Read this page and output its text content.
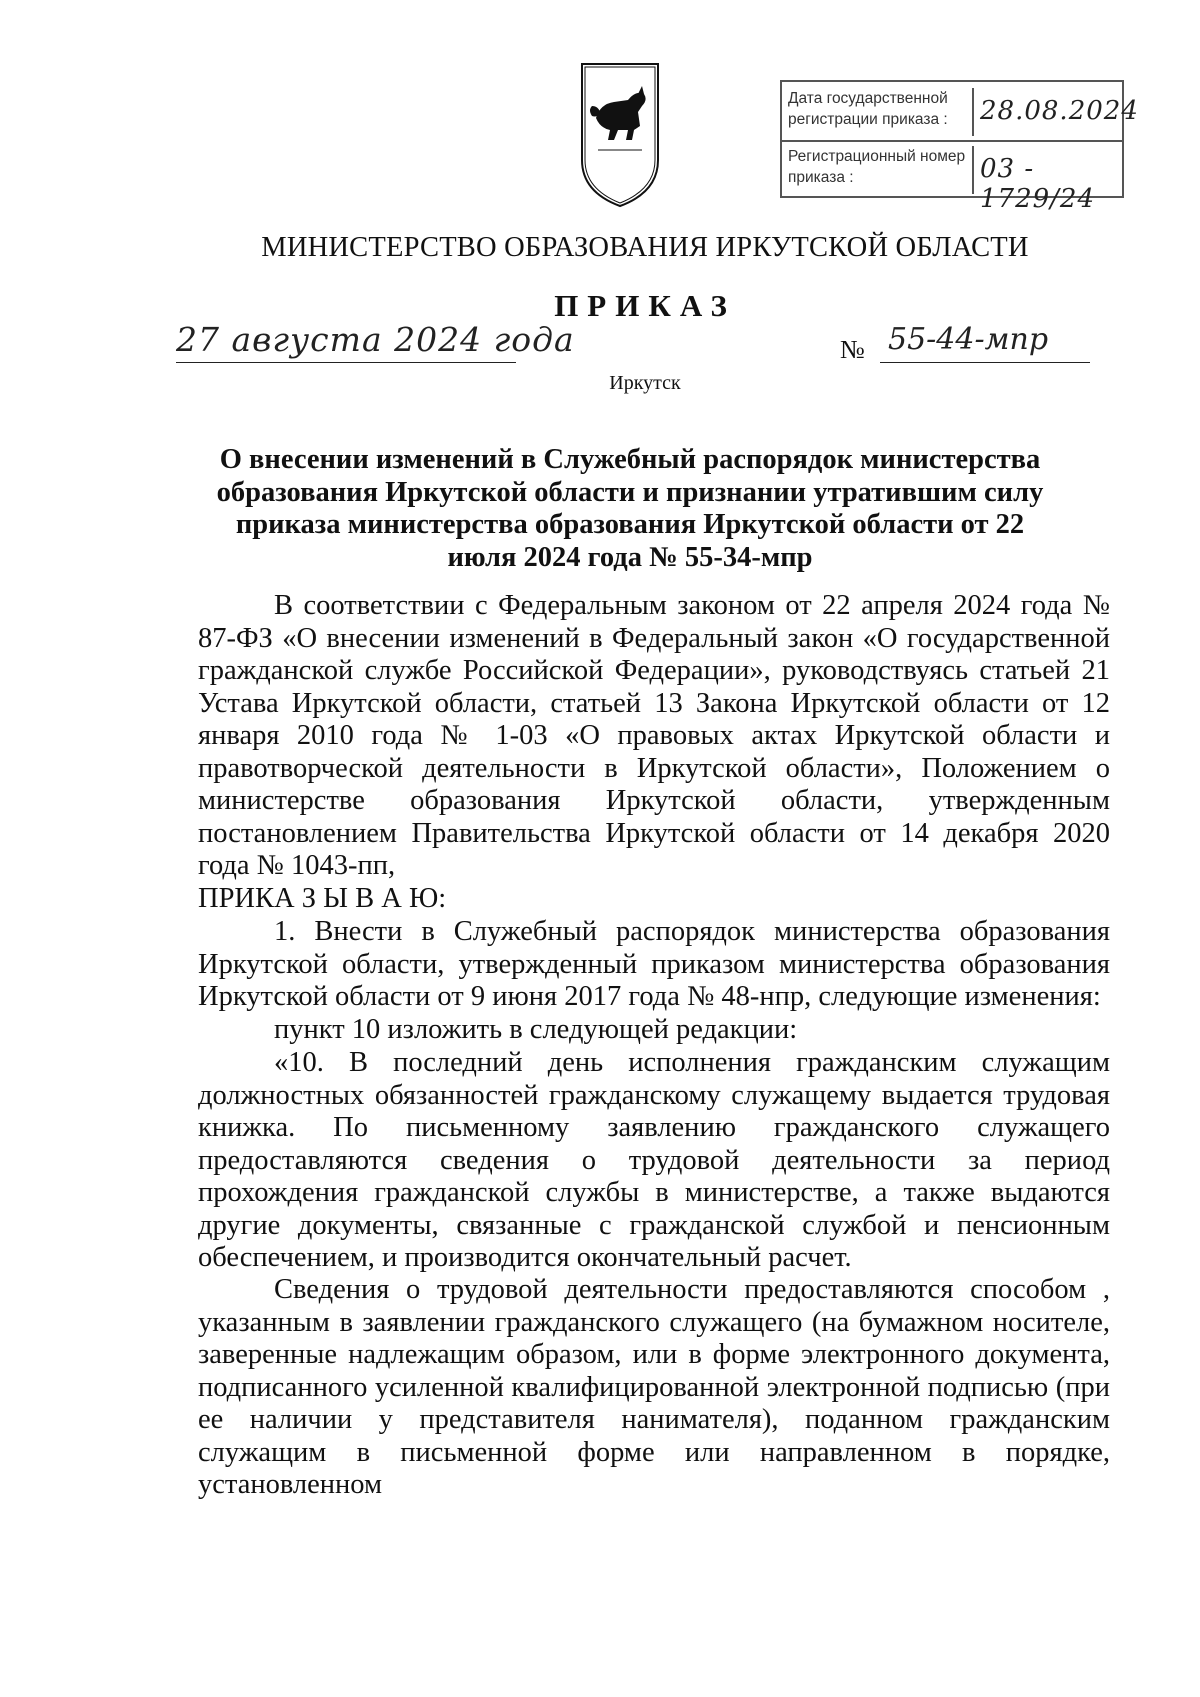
Дата государственной регистрации приказа :	28.08.2024
Регистрационный номер приказа :	03 - 1729/24
МИНИСТЕРСТВО ОБРАЗОВАНИЯ ИРКУТСКОЙ ОБЛАСТИ
ПРИКАЗ
27 августа 2024 года	№ 55-44-мпр
Иркутск
О внесении изменений в Служебный распорядок министерства образования Иркутской области и признании утратившим силу приказа министерства образования Иркутской области от 22 июля 2024 года № 55-34-мпр
В соответствии с Федеральным законом от 22 апреля 2024 года № 87-ФЗ «О внесении изменений в Федеральный закон «О государственной гражданской службе Российской Федерации», руководствуясь статьей 21 Устава Иркутской области, статьей 13 Закона Иркутской области от 12 января 2010 года № 1-03 «О правовых актах Иркутской области и правотворческой деятельности в Иркутской области», Положением о министерстве образования Иркутской области, утвержденным постановлением Правительства Иркутской области от 14 декабря 2020 года № 1043-пп,
ПРИКА З Ы В А Ю:
1. Внести в Служебный распорядок министерства образования Иркутской области, утвержденный приказом министерства образования Иркутской области от 9 июня 2017 года № 48-нпр, следующие изменения:
пункт 10 изложить в следующей редакции:
«10. В последний день исполнения гражданским служащим должностных обязанностей гражданскому служащему выдается трудовая книжка. По письменному заявлению гражданского служащего предоставляются сведения о трудовой деятельности за период прохождения гражданской службы в министерстве, а также выдаются другие документы, связанные с гражданской службой и пенсионным обеспечением, и производится окончательный расчет.
Сведения о трудовой деятельности предоставляются способом , указанным в заявлении гражданского служащего (на бумажном носителе, заверенные надлежащим образом, или в форме электронного документа, подписанного усиленной квалифицированной электронной подписью (при ее наличии у представителя нанимателя), поданном гражданским служащим в письменной форме или направленном в порядке, установленном
